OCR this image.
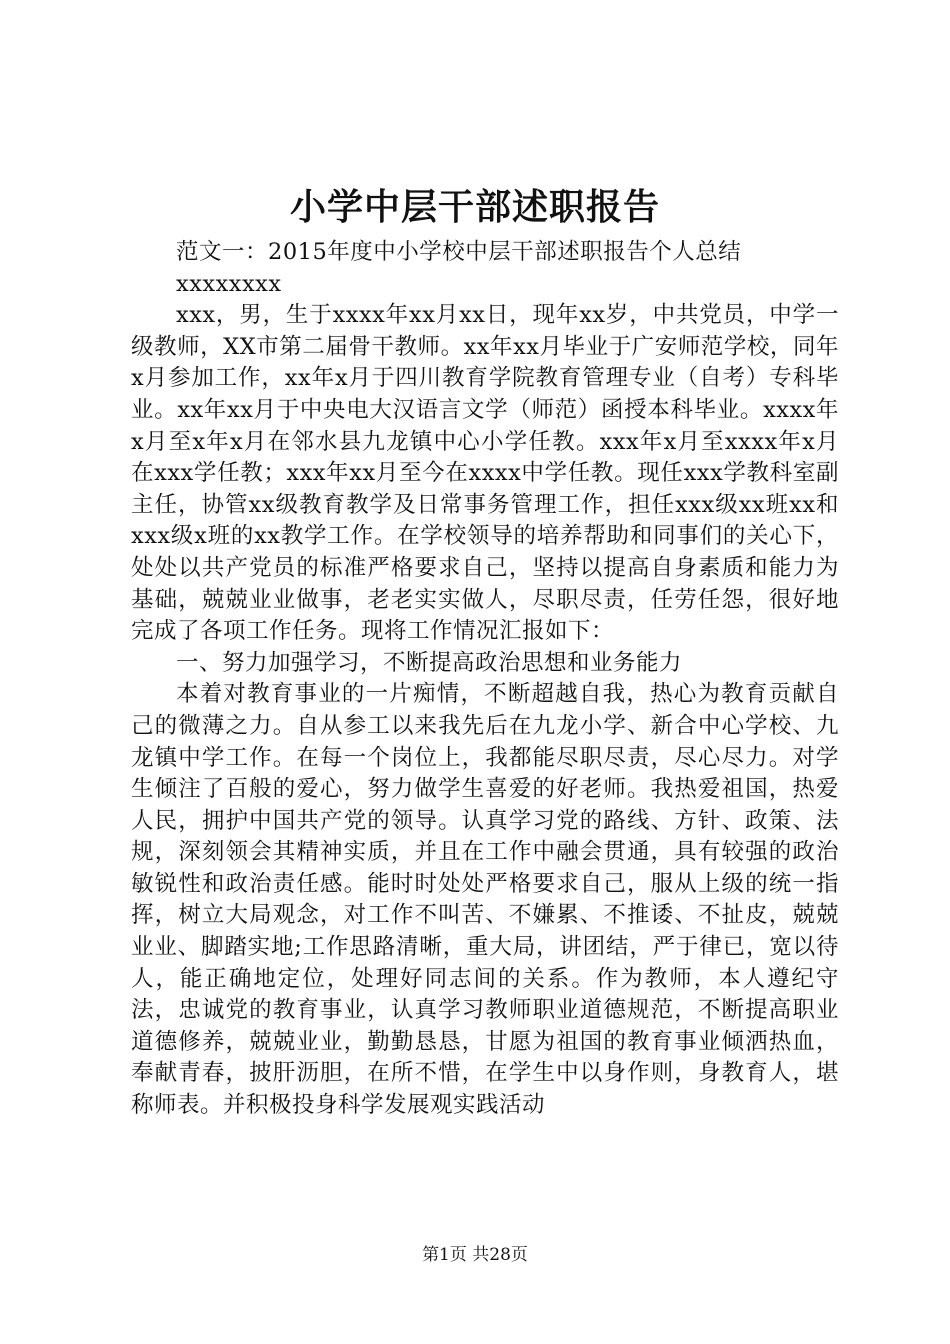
小学中层干部述职报告

范文一：2015年度中小学校中层干部述职报告个人总结

xxxxxxxx

xxx，男，生于xxxx年xx月xx日，现年xx岁，中共党员，中学一级教师，XX市第二届骨干教师。xx年xx月毕业于广安师范学校，同年x月参加工作，xx年x月于四川教育学院教育管理专业（自考）专科毕业。xx年xx月于中央电大汉语言文学（师范）函授本科毕业。xxxx年x月至x年x月在邻水县九龙镇中心小学任教。xxx年x月至xxxx年x月在xxx学任教；xxx年xx月至今在xxxx中学任教。现任xxx学教科室副主任，协管xx级教育教学及日常事务管理工作，担任xxx级xx班xx和xxx级x班的xx教学工作。在学校领导的培养帮助和同事们的关心下，处处以共产党员的标准严格要求自己，坚持以提高自身素质和能力为基础，兢兢业业做事，老老实实做人，尽职尽责，任劳任怨，很好地完成了各项工作任务。现将工作情况汇报如下：

一、努力加强学习，不断提高政治思想和业务能力

本着对教育事业的一片痴情，不断超越自我，热心为教育贡献自己的微薄之力。自从参工以来我先后在九龙小学、新合中心学校、九龙镇中学工作。在每一个岗位上，我都能尽职尽责，尽心尽力。对学生倾注了百般的爱心，努力做学生喜爱的好老师。我热爱祖国，热爱人民，拥护中国共产党的领导。认真学习党的路线、方针、政策、法规，深刻领会其精神实质，并且在工作中融会贯通，具有较强的政治敏锐性和政治责任感。能时时处处严格要求自己，服从上级的统一指挥，树立大局观念，对工作不叫苦、不嫌累、不推诿、不扯皮，兢兢业业、脚踏实地;工作思路清晰，重大局，讲团结，严于律已，宽以待人，能正确地定位，处理好同志间的关系。作为教师，本人遵纪守法，忠诚党的教育事业，认真学习教师职业道德规范，不断提高职业道德修养，兢兢业业，勤勤恳恳，甘愿为祖国的教育事业倾洒热血，奉献青春，披肝沥胆，在所不惜，在学生中以身作则，身教育人，堪称师表。并积极投身科学发展观实践活动

第1页 共28页
